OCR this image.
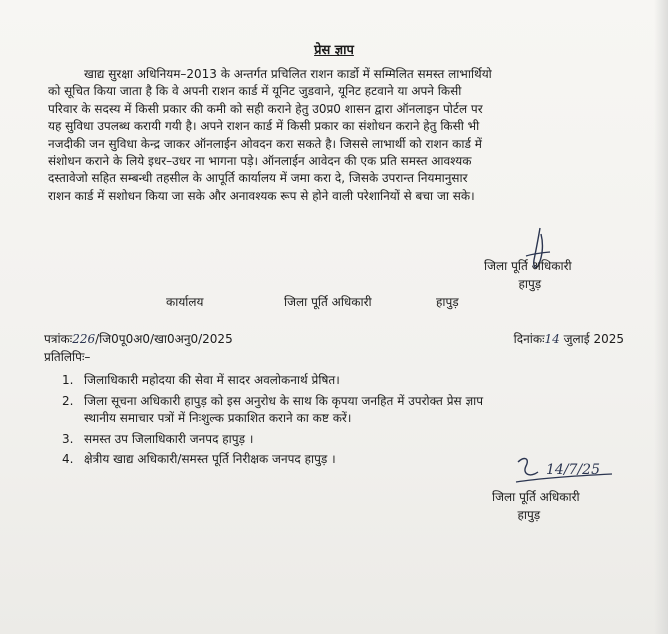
प्रेस ज्ञाप
खाद्य सुरक्षा अधिनियम–2013 के अन्तर्गत प्रचिलित राशन कार्डो में सम्मिलित समस्त लाभार्थियो
को सूचित किया जाता है कि वे अपनी राशन कार्ड में यूनिट जुडवाने, यूनिट हटवाने या अपने किसी
परिवार के सदस्य में किसी प्रकार की कमी को सही कराने हेतु उ0प्र0 शासन द्वारा ऑनलाइन पोर्टल पर
यह सुविधा उपलब्ध करायी गयी है। अपने राशन कार्ड में किसी प्रकार का संशोधन कराने हेतु किसी भी
नजदीकी जन सुविधा केन्द्र जाकर ऑनलाईन ओवदन करा सकते है। जिससे लाभार्थी को राशन कार्ड में
संशोधन कराने के लिये इधर–उधर ना भागना पड़े। ऑनलाईन आवेदन की एक प्रति समस्त आवश्यक
दस्तावेजो सहित सम्बन्धी तहसील के आपूर्ति कार्यालय में जमा करा दे, जिसके उपरान्त नियमानुसार
राशन कार्ड में सशोधन किया जा सके और अनावश्यक रूप से होने वाली परेशानियों से बचा जा सके।
जिला पूर्ति अधिकारी
हापुड़
कार्यालय	जिला पूर्ति अधिकारी	हापुड़
पत्रांकः226/जि0पू0अ0/खा0अनु0/2025	दिनांकः14 जुलाई 2025
प्रतिलिपिः–
1. जिलाधिकारी महोदया की सेवा में सादर अवलोकनार्थ प्रेषित।
2. जिला सूचना अधिकारी हापुड़ को इस अनुरोध के साथ कि कृपया जनहित में उपरोक्त प्रेस ज्ञाप
स्थानीय समाचार पत्रों में निःशुल्क प्रकाशित कराने का कष्ट करें।
3. समस्त उप जिलाधिकारी जनपद हापुड़ ।
4. क्षेत्रीय खाद्य अधिकारी/समस्त पूर्ति निरीक्षक जनपद हापुड़ ।
14/7/25
जिला पूर्ति अधिकारी
हापुड़
